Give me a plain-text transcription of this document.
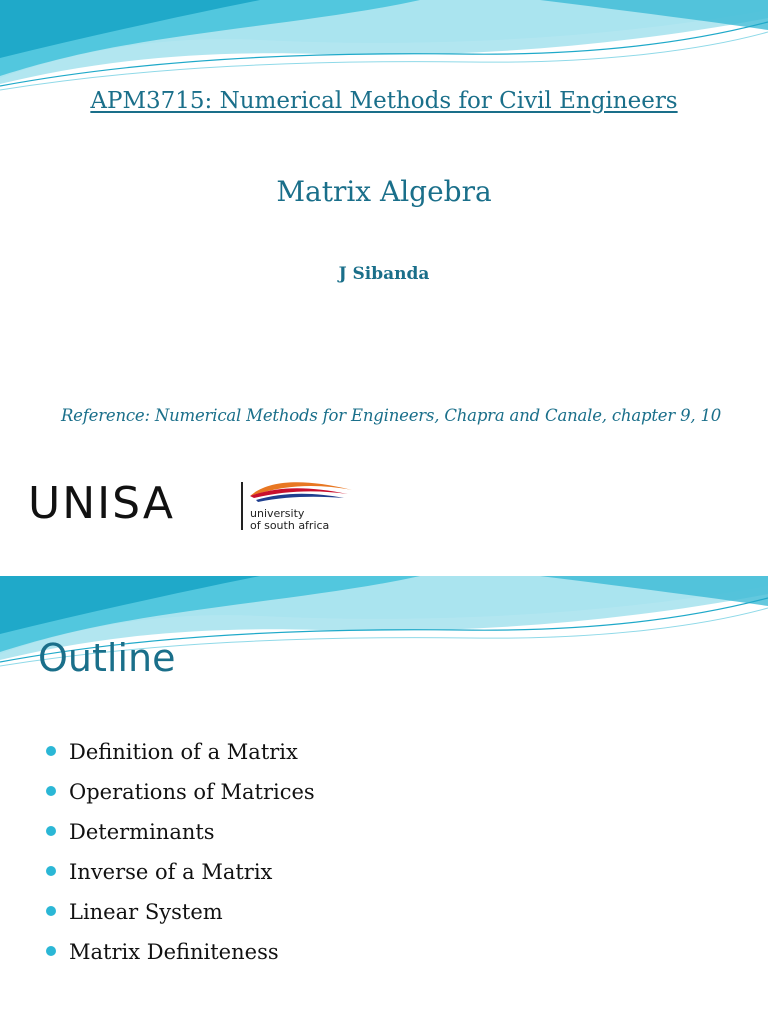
APM3715: Numerical Methods for Civil Engineers
Matrix Algebra
J Sibanda
Reference: Numerical Methods for Engineers, Chapra and Canale, chapter 9, 10
UNISA	university
of south africa
Outline
Definition of a Matrix
Operations of Matrices
Determinants
Inverse of a Matrix
Linear System
Matrix Definiteness
